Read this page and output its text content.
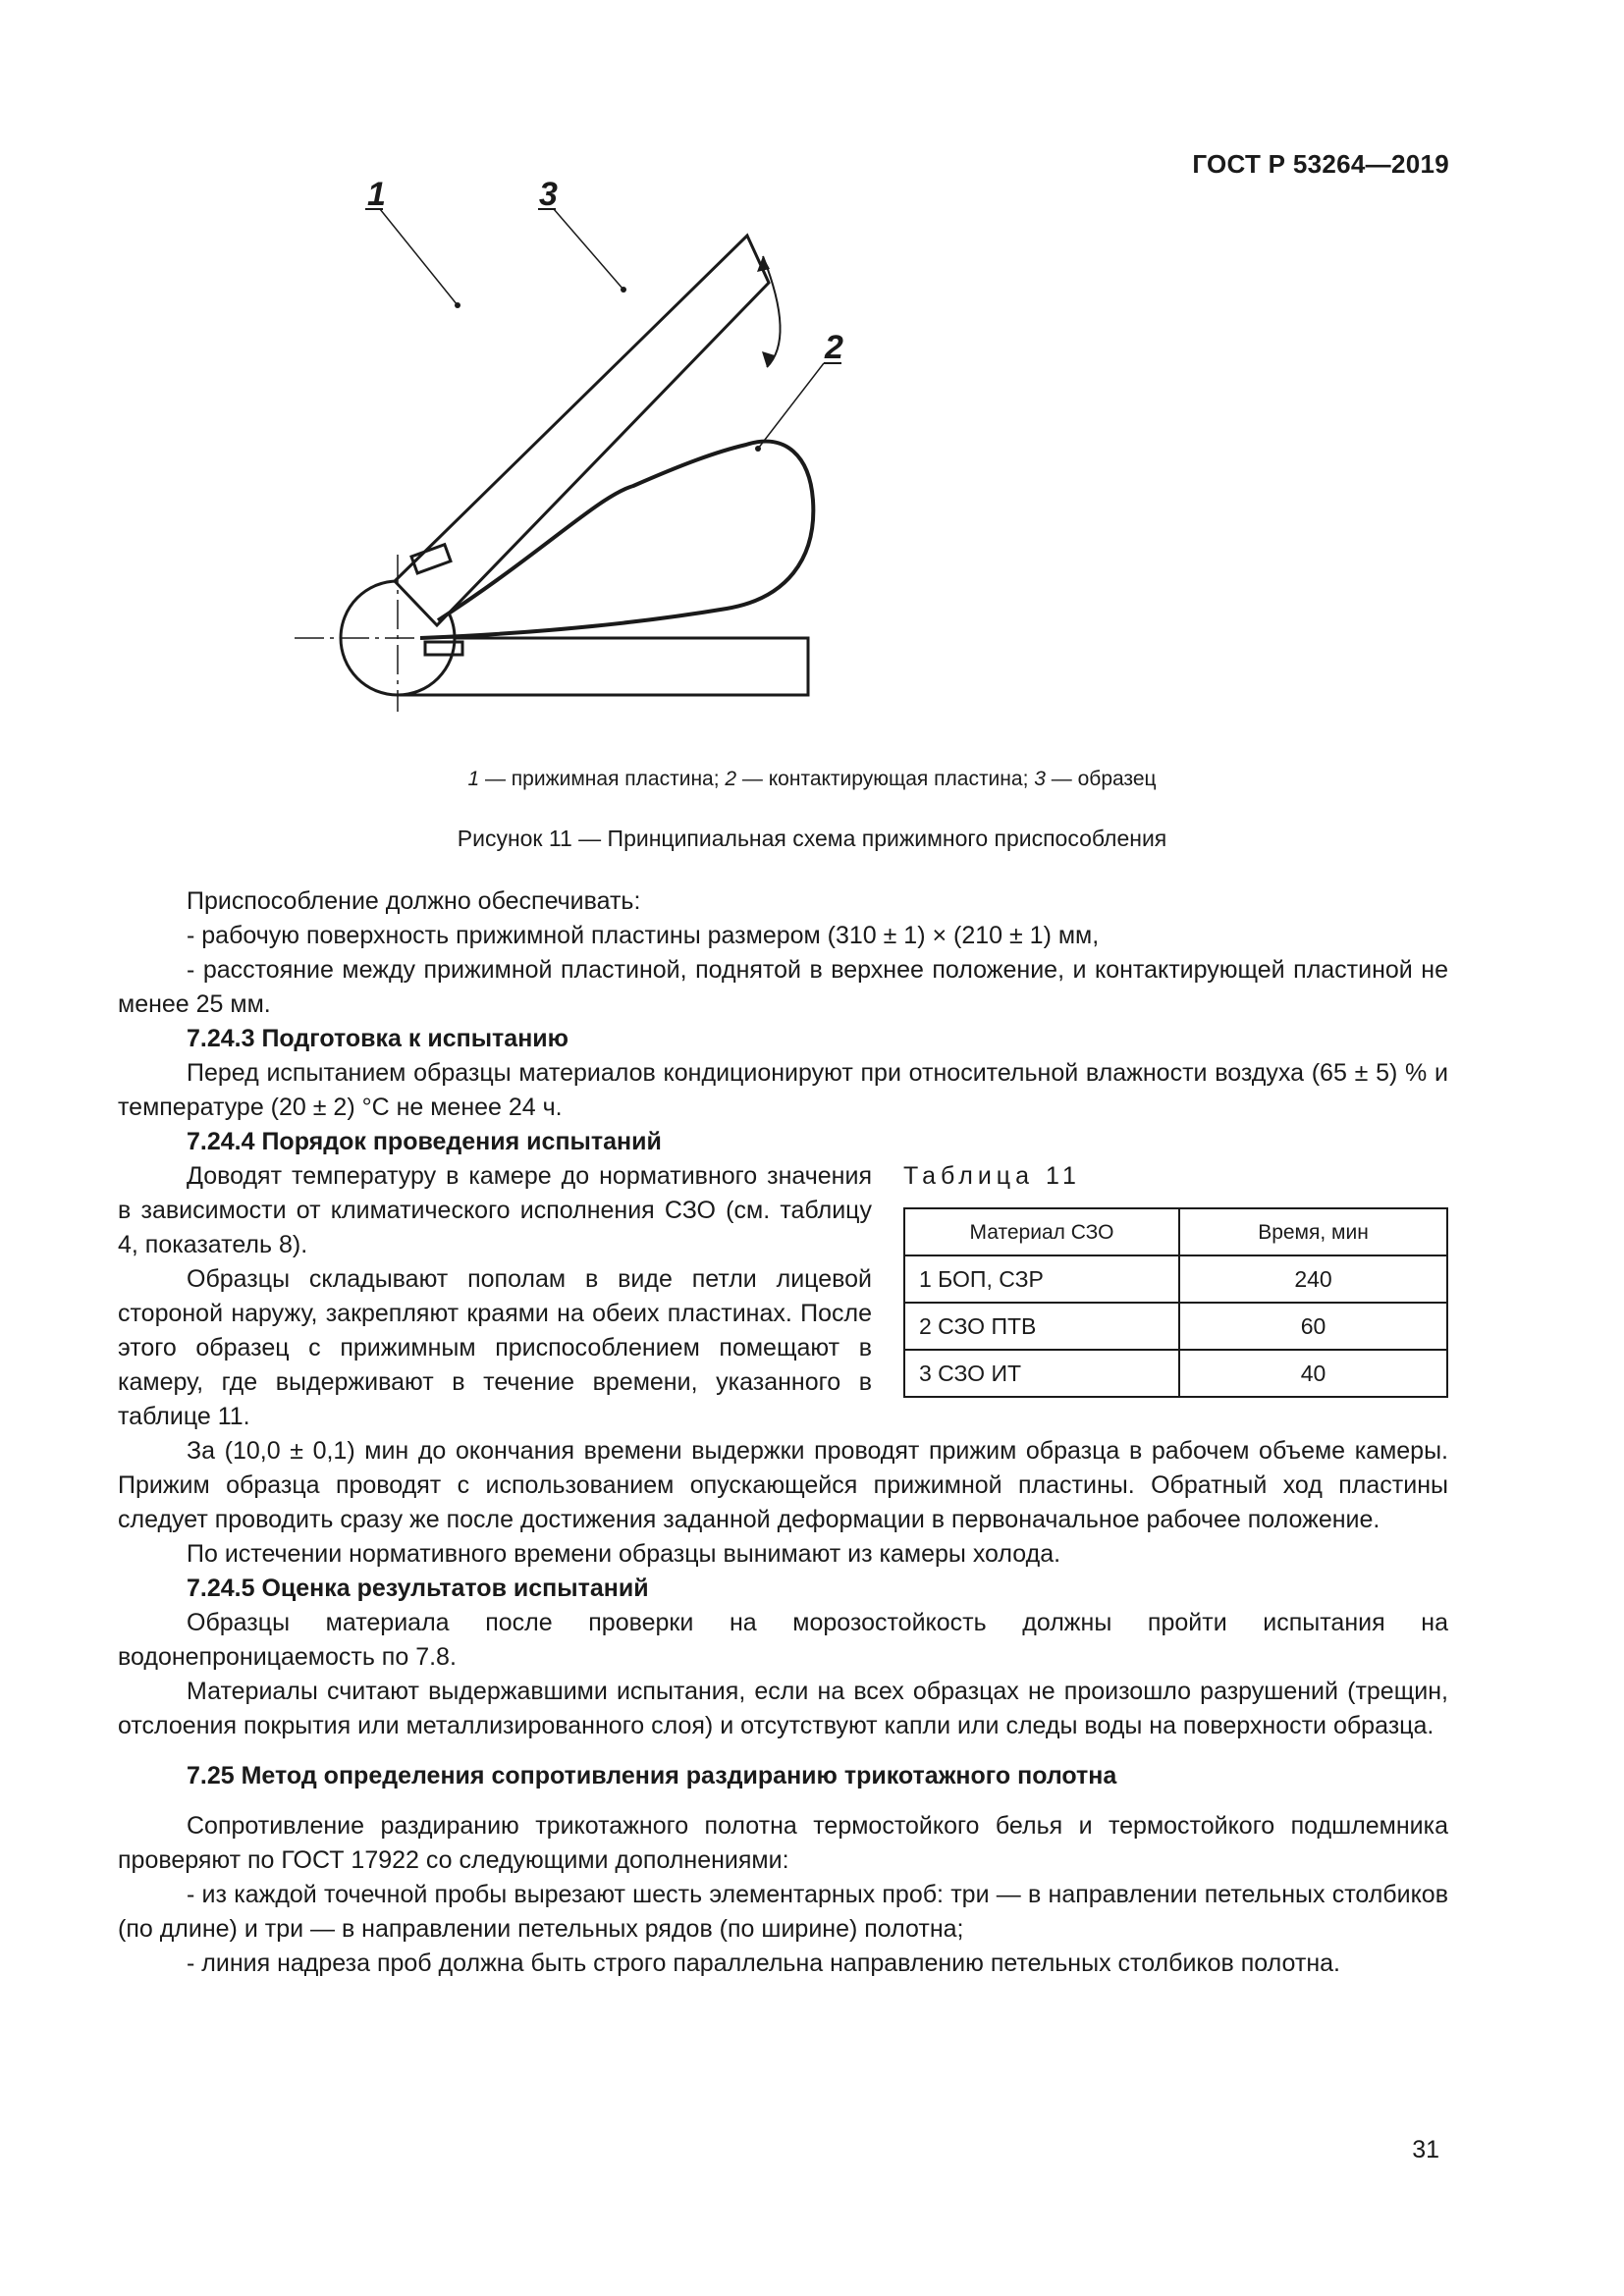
ГОСТ Р 53264—2019
1	3
2
1 — прижимная пластина; 2 — контактирующая пластина; 3 — образец
Рисунок 11 — Принципиальная схема прижимного приспособления

Приспособление должно обеспечивать:

- рабочую поверхность прижимной пластины размером (310 ± 1) × (210 ± 1) мм,

- расстояние между прижимной пластиной, поднятой в верхнее положение, и контактирующей пластиной не менее 25 мм.

7.24.3 Подготовка к испытанию

Перед испытанием образцы материалов кондиционируют при относительной влажности воздуха (65 ± 5) % и температуре (20 ± 2) °С не менее 24 ч.

7.24.4 Порядок проведения испытаний

Таблица 11
Материал СЗО	Время, мин
1 БОП, СЗР	240
2 СЗО ПТВ	60
3 СЗО ИТ	40

Доводят температуру в камере до нормативного значения в зависимости от климатического исполнения СЗО (см. таблицу 4, показатель 8).

Образцы складывают пополам в виде петли лицевой стороной наружу, закрепляют краями на обеих пластинах. После этого образец с прижимным приспособлением помещают в камеру, где выдерживают в течение времени, указанного в таблице 11.

За (10,0 ± 0,1) мин до окончания времени выдержки проводят прижим образца в рабочем объеме камеры. Прижим образца проводят с использованием опускающейся прижимной пластины. Обратный ход пластины следует проводить сразу же после достижения заданной деформации в первоначальное рабочее положение.

По истечении нормативного времени образцы вынимают из камеры холода.

7.24.5 Оценка результатов испытаний

Образцы материала после проверки на морозостойкость должны пройти испытания на водонепроницаемость по 7.8.

Материалы считают выдержавшими испытания, если на всех образцах не произошло разрушений (трещин, отслоения покрытия или металлизированного слоя) и отсутствуют капли или следы воды на поверхности образца.

7.25 Метод определения сопротивления раздиранию трикотажного полотна

Сопротивление раздиранию трикотажного полотна термостойкого белья и термостойкого подшлемника проверяют по ГОСТ 17922 со следующими дополнениями:

- из каждой точечной пробы вырезают шесть элементарных проб: три — в направлении петельных столбиков (по длине) и три — в направлении петельных рядов (по ширине) полотна;

- линия надреза проб должна быть строго параллельна направлению петельных столбиков полотна.

31
